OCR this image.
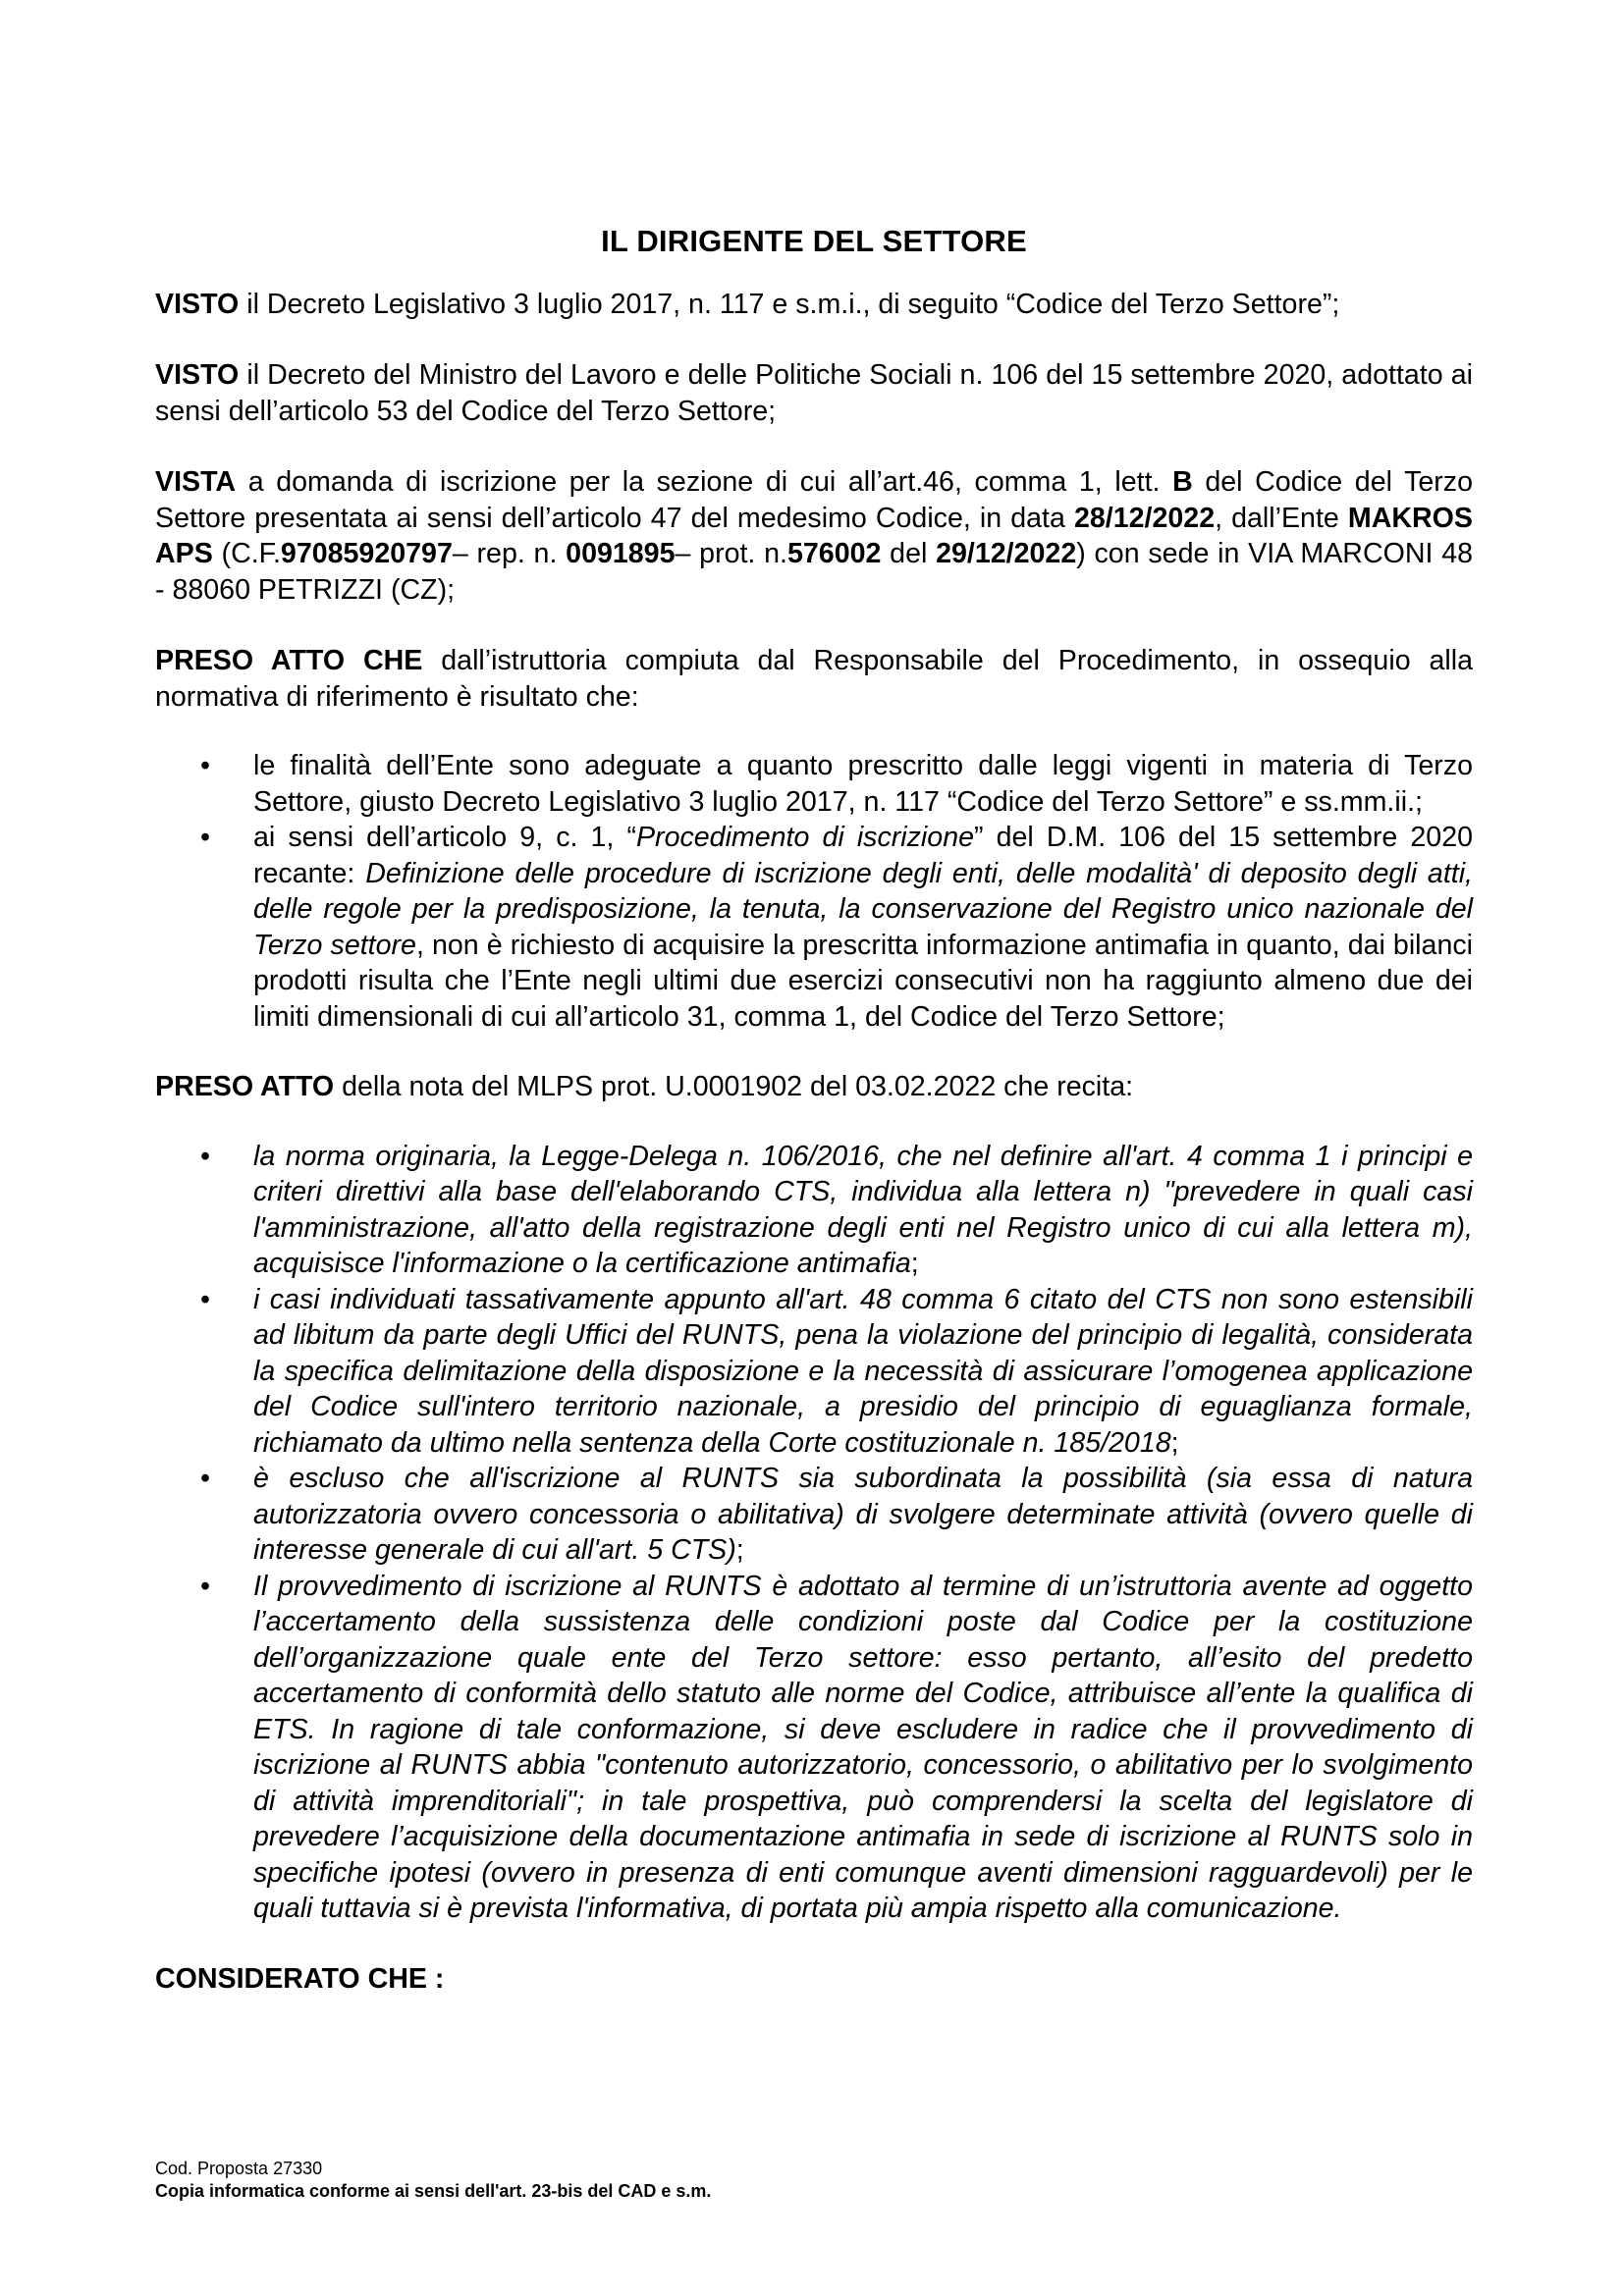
IL DIRIGENTE DEL SETTORE

VISTO il Decreto Legislativo 3 luglio 2017, n. 117 e s.m.i., di seguito “Codice del Terzo Settore”;

VISTO il Decreto del Ministro del Lavoro e delle Politiche Sociali n. 106 del 15 settembre 2020, adottato ai sensi dell’articolo 53 del Codice del Terzo Settore;

VISTA a domanda di iscrizione per la sezione di cui all’art.46, comma 1, lett. B del Codice del Terzo Settore presentata ai sensi dell’articolo 47 del medesimo Codice, in data 28/12/2022, dall’Ente MAKROS APS (C.F.97085920797– rep. n. 0091895– prot. n.576002 del 29/12/2022) con sede in VIA MARCONI 48 - 88060 PETRIZZI (CZ);

PRESO ATTO CHE dall’istruttoria compiuta dal Responsabile del Procedimento, in ossequio alla normativa di riferimento è risultato che:

• le finalità dell’Ente sono adeguate a quanto prescritto dalle leggi vigenti in materia di Terzo Settore, giusto Decreto Legislativo 3 luglio 2017, n. 117 “Codice del Terzo Settore” e ss.mm.ii.;
• ai sensi dell’articolo 9, c. 1, “Procedimento di iscrizione” del D.M. 106 del 15 settembre 2020 recante: Definizione delle procedure di iscrizione degli enti, delle modalità' di deposito degli atti, delle regole per la predisposizione, la tenuta, la conservazione del Registro unico nazionale del Terzo settore, non è richiesto di acquisire la prescritta informazione antimafia in quanto, dai bilanci prodotti risulta che l’Ente negli ultimi due esercizi consecutivi non ha raggiunto almeno due dei limiti dimensionali di cui all’articolo 31, comma 1, del Codice del Terzo Settore;

PRESO ATTO della nota del MLPS prot. U.0001902 del 03.02.2022 che recita:

• la norma originaria, la Legge-Delega n. 106/2016, che nel definire all'art. 4 comma 1 i principi e criteri direttivi alla base dell'elaborando CTS, individua alla lettera n) "prevedere in quali casi l'amministrazione, all'atto della registrazione degli enti nel Registro unico di cui alla lettera m), acquisisce l'informazione o la certificazione antimafia;
• i casi individuati tassativamente appunto all'art. 48 comma 6 citato del CTS non sono estensibili ad libitum da parte degli Uffici del RUNTS, pena la violazione del principio di legalità, considerata la specifica delimitazione della disposizione e la necessità di assicurare l’omogenea applicazione del Codice sull'intero territorio nazionale, a presidio del principio di eguaglianza formale, richiamato da ultimo nella sentenza della Corte costituzionale n. 185/2018;
• è escluso che all'iscrizione al RUNTS sia subordinata la possibilità (sia essa di natura autorizzatoria ovvero concessoria o abilitativa) di svolgere determinate attività (ovvero quelle di interesse generale di cui all'art. 5 CTS);
• Il provvedimento di iscrizione al RUNTS è adottato al termine di un’istruttoria avente ad oggetto l’accertamento della sussistenza delle condizioni poste dal Codice per la costituzione dell’organizzazione quale ente del Terzo settore: esso pertanto, all’esito del predetto accertamento di conformità dello statuto alle norme del Codice, attribuisce all’ente la qualifica di ETS. In ragione di tale conformazione, si deve escludere in radice che il provvedimento di iscrizione al RUNTS abbia "contenuto autorizzatorio, concessorio, o abilitativo per lo svolgimento di attività imprenditoriali"; in tale prospettiva, può comprendersi la scelta del legislatore di prevedere l’acquisizione della documentazione antimafia in sede di iscrizione al RUNTS solo in specifiche ipotesi (ovvero in presenza di enti comunque aventi dimensioni ragguardevoli) per le quali tuttavia si è prevista l'informativa, di portata più ampia rispetto alla comunicazione.

CONSIDERATO CHE :

Cod. Proposta 27330
Copia informatica conforme ai sensi dell'art. 23-bis del CAD e s.m.
